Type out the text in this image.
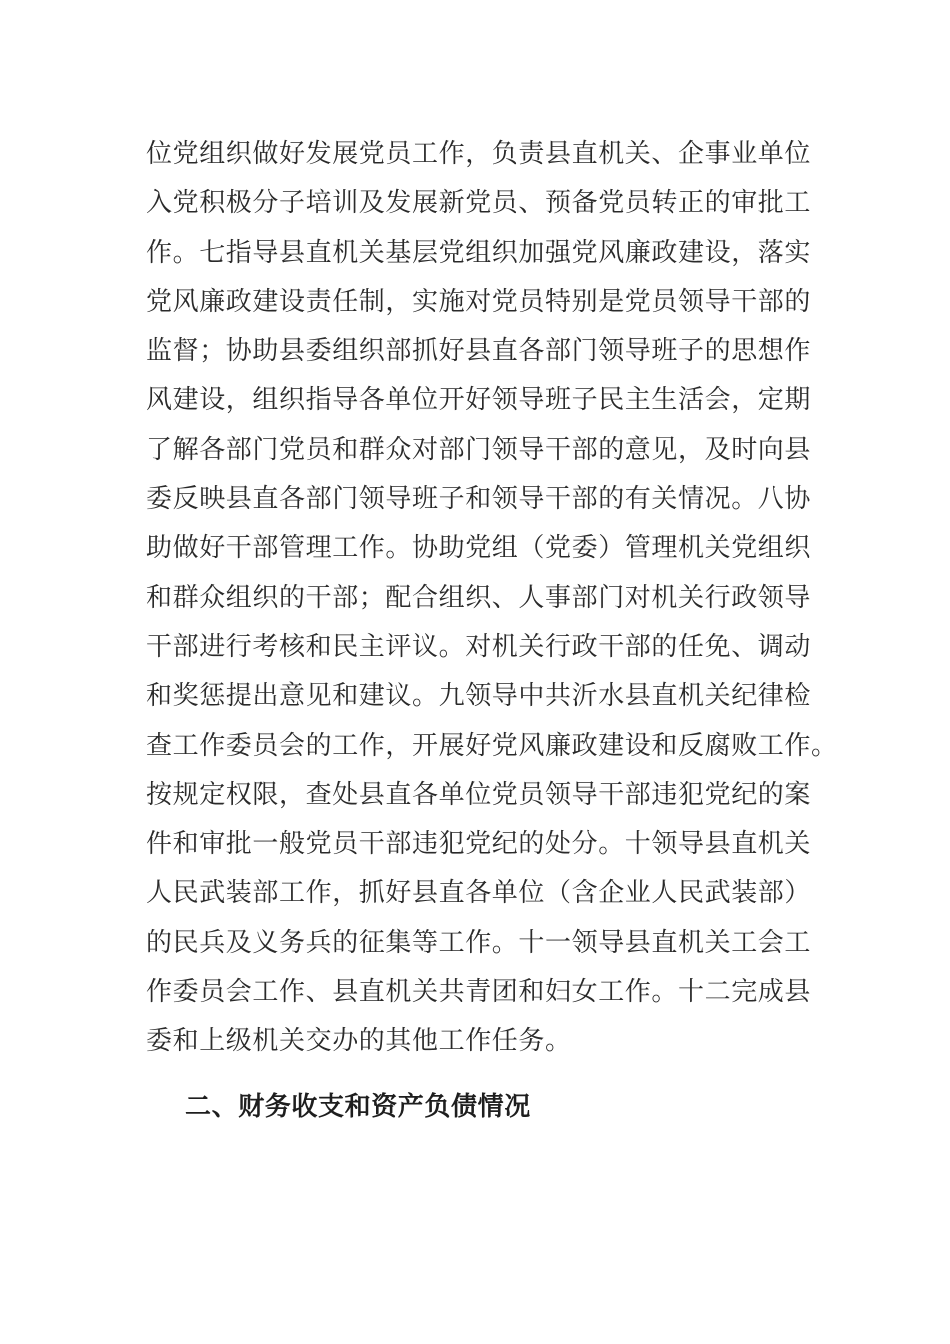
位党组织做好发展党员工作，负责县直机关、企事业单位
入党积极分子培训及发展新党员、预备党员转正的审批工
作。七指导县直机关基层党组织加强党风廉政建设，落实
党风廉政建设责任制，实施对党员特别是党员领导干部的
监督；协助县委组织部抓好县直各部门领导班子的思想作
风建设，组织指导各单位开好领导班子民主生活会，定期
了解各部门党员和群众对部门领导干部的意见，及时向县
委反映县直各部门领导班子和领导干部的有关情况。八协
助做好干部管理工作。协助党组（党委）管理机关党组织
和群众组织的干部；配合组织、人事部门对机关行政领导
干部进行考核和民主评议。对机关行政干部的任免、调动
和奖惩提出意见和建议。九领导中共沂水县直机关纪律检
查工作委员会的工作，开展好党风廉政建设和反腐败工作。
按规定权限，查处县直各单位党员领导干部违犯党纪的案
件和审批一般党员干部违犯党纪的处分。十领导县直机关
人民武装部工作，抓好县直各单位（含企业人民武装部）
的民兵及义务兵的征集等工作。十一领导县直机关工会工
作委员会工作、县直机关共青团和妇女工作。十二完成县
委和上级机关交办的其他工作任务。
二、财务收支和资产负债情况
